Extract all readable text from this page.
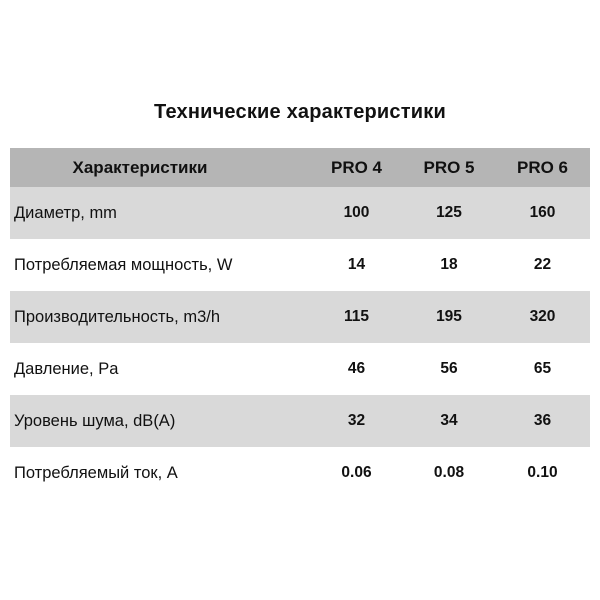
Технические характеристики
Характеристики	PRO 4	PRO 5	PRO 6
Диаметр, mm	100	125	160
Потребляемая мощность, W	14	18	22
Производительность, m3/h	115	195	320
Давление, Pa	46	56	65
Уровень шума, dB(A)	32	34	36
Потребляемый ток, A	0.06	0.08	0.10
